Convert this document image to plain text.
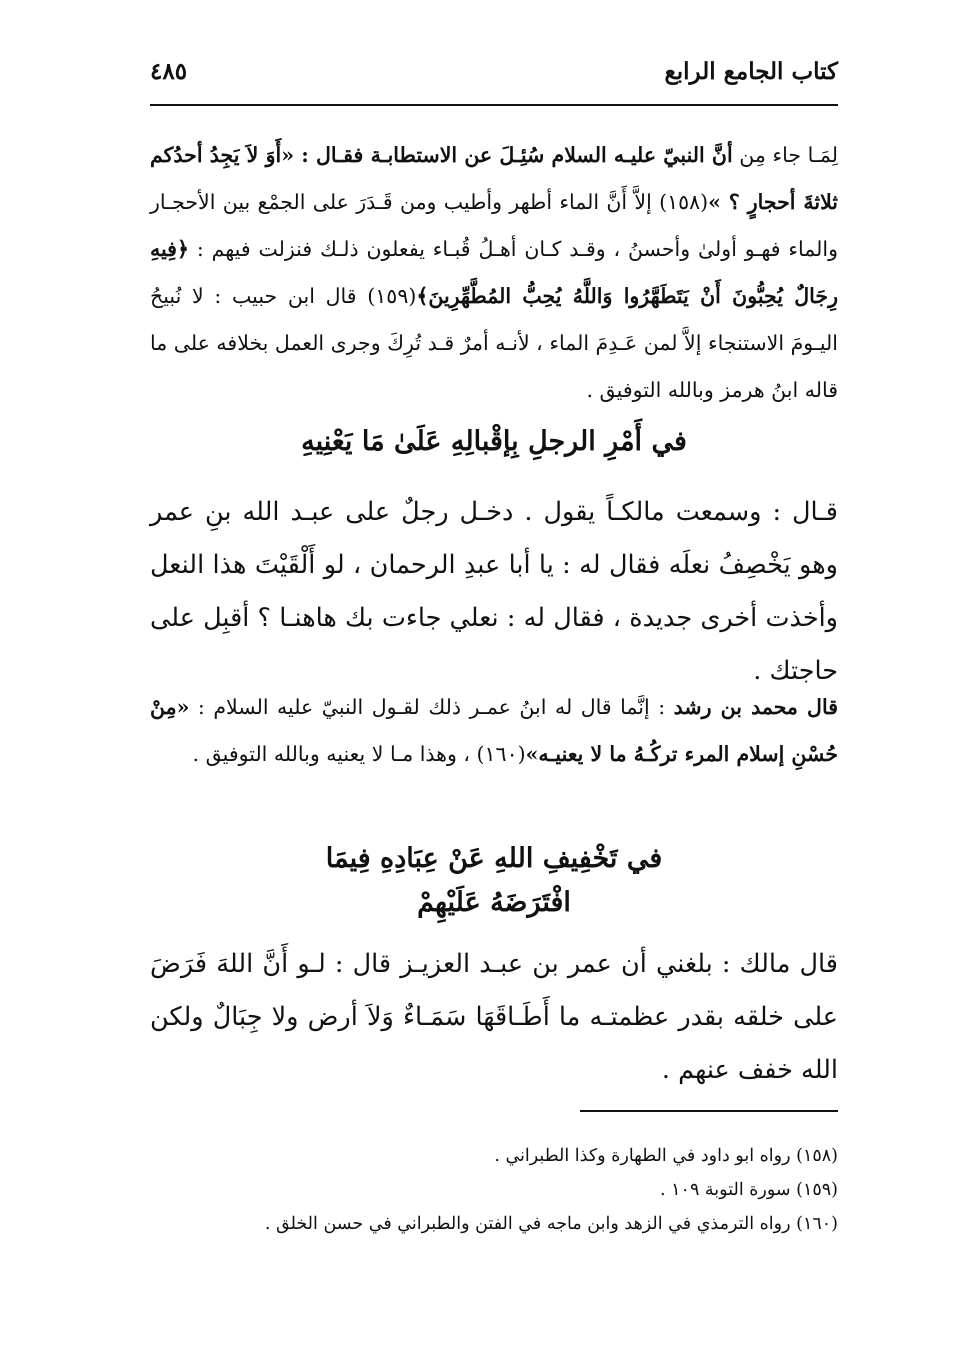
كتاب الجامع الرابع
٤٨٥

لِمَـا جاء مِن أنَّ النبيّ عليـه السلام سُئِـلَ عن الاستطابـة فقـال : «أَوَ لاَ يَجِدُ أحدُكم ثلاثةَ أحجارٍ ؟ »(١٥٨) إلاَّ أَنَّ الماء أطهر وأطيب ومن قَـدَرَ على الجمْع بين الأحجـار والماء فهـو أولىٰ وأحسنُ ، وقـد كـان أهـلُ قُبـاء يفعلون ذلـك فنزلت فيهم : ﴿فِيهِ رِجَالٌ يُحِبُّونَ أَنْ يَتَطَهَّرُوا وَاللَّهُ يُحِبُّ المُطَّهِّرِينَ﴾(١٥٩) قال ابن حبيب : لا نُبيحُ اليـومَ الاستنجاء إلاَّ لمن عَـدِمَ الماء ، لأنـه أمرٌ قـد تُرِكَ وجرى العمل بخلافه على ما قاله ابنُ هرمز وبالله التوفيق .

في أَمْرِ الرجلِ بِإقْبالِهِ عَلَىٰ مَا يَعْنِيهِ

قـال : وسمعت مالكـاً يقول . دخـل رجلٌ على عبـد الله بنِ عمر وهو يَخْصِفُ نعلَه فقال له : يا أبا عبدِ الرحمان ، لو أَلْقَيْتَ هذا النعل وأخذت أخرى جديدة ، فقال له : نعلي جاءت بك هاهنـا ؟ أقبِل على حاجتك .

قال محمد بن رشد : إنَّما قال له ابنُ عمـر ذلك لقـول النبيّ عليه السلام : «مِنْ حُسْنِ إسلام المرء تركُـهُ ما لا يعنيـه»(١٦٠) ، وهذا مـا لا يعنيه وبالله التوفيق .

في تَخْفِيفِ اللهِ عَنْ عِبَادِهِ فِيمَا
افْتَرَضَهُ عَلَيْهِمْ

قال مالك : بلغني أن عمر بن عبـد العزيـز قال : لـو أَنَّ اللهَ فَرَضَ على خلقه بقدر عظمتـه ما أَطَـاقَهَا سَمَـاءٌ وَلاَ أرض ولا جِبَالٌ ولكن الله خفف عنهم .

(١٥٨) رواه ابو داود في الطهارة وكذا الطبراني .
(١٥٩) سورة التوبة ١٠٩ .
(١٦٠) رواه الترمذي في الزهد وابن ماجه في الفتن والطبراني في حسن الخلق .
